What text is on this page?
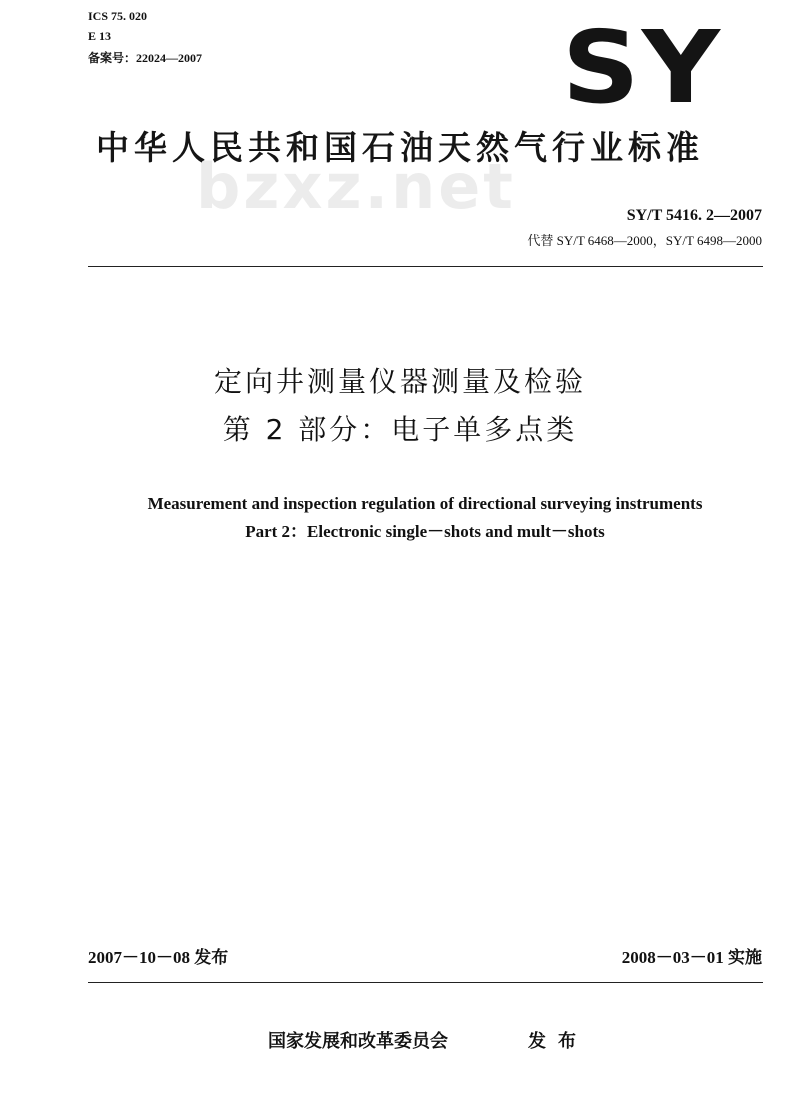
ICS 75. 020
E 13
备案号：22024—2007	SY
bzxz.net
中华人民共和国石油天然气行业标准
SY/T 5416. 2—2007
代替 SY/T 6468—2000，SY/T 6498—2000
定向井测量仪器测量及检验
第 2 部分：电子单多点类
Measurement and inspection regulation of directional surveying instruments
Part 2：Electronic single－shots and mult－shots
2007－10－08 发布	2008－03－01 实施
国家发展和改革委员会	发布
